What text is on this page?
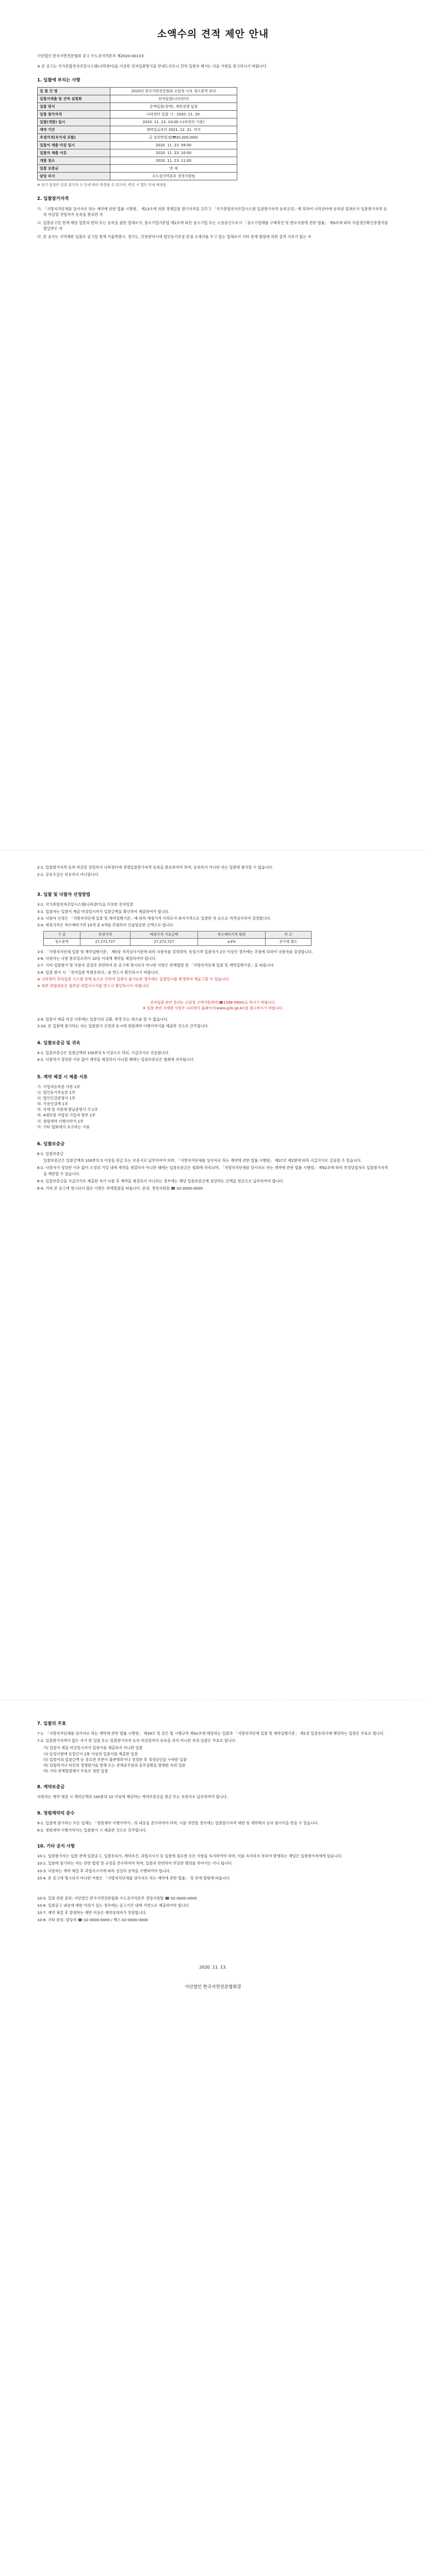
소액수의 견적 제안 안내

사단법인 한국지면전문협회 공고 수도권지역본부 제2020-0013호

※ 본 공고는 국가종합전자조달시스템(나라장터)을 이용한 전자입찰방식을 안내드리오니 견적 입찰자 께서는 다음 사항을 참고하시기 바랍니다.

1. 입찰에 부치는 사항
입 찰 건 명	2020년 한국지면전문협회 조달청 사옥 청소용역 관리
입찰서제출 및 견적 설명회	전자입찰(나라장터)
입찰 방식	총액입찰(정액), 제한경쟁 입찰
입찰 참가자격	나라장터 입찰 시 : 2020. 11. 20.
입찰(개찰) 일시	2020. 11. 23. 10:00 (나라장터 기준)
계약 기간	계약일로부터 2021. 12. 31. 까지
추정가격(부가세 포함)	금 삼천만원정(₩30,000,000)
입찰서 제출 마감 일시	2020. 11. 23. 09:00
입찰자 제출 서류	2020. 11. 23. 10:00
개찰 장소	2020. 11. 23. 11:00
입찰 보증금	면 제
담당 부서	수도권지역본부 경영지원팀

※ 상기 일정은 입찰 참가자 수 등에 따라 변경될 수 있으며, 변경 시 별도 안내 예정임

2. 입찰참가자격

가. 「지방자치단체를 당사자로 하는 계약에 관한 법률 시행령」 제13조에 의한 경쟁입찰 참가자격을 갖추고 「국가종합전자조달시스템 입찰참가자격 등록규정」에 의하여 나라장터에 등록된 업체로서 입찰참가자격 등록 마감일 전일까지 등록을 완료한 자

나. 입찰공고일 현재 해당 업종의 면허 또는 등록을 필한 업체로서, 중소기업기본법 제2조에 따른 중소기업 또는 소상공인으로서 「중소기업제품 구매촉진 및 판로지원에 관한 법률」 제9조에 따라 직접생산확인증명서를 발급받은 자

다. 본 공사는 지역제한 입찰로 공고일 현재 서울특별시, 경기도, 인천광역시에 법인등기부상 본점 소재지를 두고 있는 업체로서 기타 관계 법령에 의한 결격 사유가 없는 자

2-1. 입찰참가자격 등록 마감일 전일까지 나라장터에 경쟁입찰참가자격 등록을 완료하여야 하며, 등록하지 아니한 자는 입찰에 참가할 수 없습니다.

2-2. 공동수급은 허용하지 아니합니다.

3. 입찰 및 낙찰자 선정방법

3-1. 국가종합전자조달시스템(나라장터)을 이용한 전자입찰

3-2. 입찰자는 입찰서 제출 마감일시까지 입찰금액을 확인하여 제출하여야 합니다.

3-3. 낙찰자 선정은 「지방자치단체 입찰 및 계약집행기준」에 따라 예정가격 이하로서 최저가격으로 입찰한 자 순으로 적격심사하여 결정합니다.

3-4. 예정가격은 복수예비가격 15개 중 4개를 추첨하여 산술평균한 금액으로 합니다.

구 분	추정가격	예정가격 기초금액	복수예비가격 범위	비 고
청소용역	27,272,727	27,272,727	±3%	부가세 별도

3-5. 「지방자치단체 입찰 및 계약집행기준」 제5장 적격심사기준에 따라 낙찰자를 결정하며, 동일가격 입찰자가 2인 이상인 경우에는 추첨에 의하여 낙찰자를 결정합니다.

3-6. 낙찰자는 낙찰 통보일로부터 10일 이내에 계약을 체결하여야 합니다.

3-7. 기타 입찰참가 및 낙찰자 결정과 관련하여 본 공고에 명시되지 아니한 사항은 관계법령 및 「지방자치단체 입찰 및 계약집행기준」을 따릅니다.

3-8. 입찰 참가 시 「전자입찰 특별유의서」를 반드시 확인하시기 바랍니다.

※ 나라장터 전자입찰 시스템 장애 등으로 인하여 입찰이 불가능한 경우에는 입찰일시를 변경하여 재공고할 수 있습니다.

※ 세부 과업내용은 첨부된 과업지시서를 반드시 확인하시기 바랍니다.

전자입찰 관련 문의는 조달청 고객지원센터(☎1588-0800)로 하시기 바랍니다.

※ 입찰 관련 자세한 사항은 나라장터 홈페이지(www.g2b.go.kr)를 참고하시기 바랍니다.

3-9. 입찰서 제출 마감 이후에는 입찰서의 교환, 변경 또는 취소를 할 수 없습니다.

3-10. 본 입찰에 참가하는 자는 입찰참가 신청과 동시에 청렴계약 이행서약서를 제출한 것으로 간주합니다.

4. 입찰보증금 및 귀속

4-1. 입찰보증금은 입찰금액의 100분의 5 이상으로 하되, 지급각서로 갈음합니다.

4-2. 낙찰자가 정당한 이유 없이 계약을 체결하지 아니할 때에는 입찰보증금은 협회에 귀속됩니다.

5. 계약 체결 시 제출 서류

가. 사업자등록증 사본 1부

나. 법인등기부등본 1부

다. 법인인감증명서 1부

라. 사용인감계 1부

마. 국세 및 지방세 완납증명서 각 1부

바. 4대보험 사업장 가입자 명부 1부

사. 청렴계약 이행서약서 1부

아. 기타 협회에서 요구하는 서류

6. 입찰보증금

6-1. 입찰보증금

입찰보증금은 입찰금액의 100분의 5 이상을 현금 또는 보증서로 납부하여야 하며, 「지방자치단체를 당사자로 하는 계약에 관한 법률 시행령」 제37조 제2항에 따라 지급각서로 갈음할 수 있습니다.

6-2. 낙찰자가 정당한 이유 없이 소정의 기일 내에 계약을 체결하지 아니한 때에는 입찰보증금은 협회에 귀속되며, 「지방자치단체를 당사자로 하는 계약에 관한 법률 시행령」 제92조에 따라 부정당업자로 입찰참가자격을 제한할 수 있습니다.

6-3. 입찰보증금을 지급각서로 제출한 자가 낙찰 후 계약을 체결하지 아니하는 경우에는 해당 입찰보증금에 상당하는 금액을 현금으로 납부하여야 합니다.

6-4. 기타 본 공고에 명시되지 않은 사항은 관계법령을 따릅니다. 문의: 경영지원팀 ☎ 02-0000-0000

7. 입찰의 무효

7-1. 「지방자치단체를 당사자로 하는 계약에 관한 법률 시행령」 제39조 및 같은 법 시행규칙 제42조에 해당하는 입찰과 「지방자치단체 입찰 및 계약집행기준」 제1장 입찰유의서에 해당하는 입찰은 무효로 합니다.

7-2. 입찰참가자격이 없는 자가 한 입찰 또는 입찰참가자격 등록 마감일까지 등록을 하지 아니한 자의 입찰은 무효로 합니다.

가) 입찰서 제출 마감일시까지 입찰서를 제출하지 아니한 입찰

나) 동일사항에 동일인이 2통 이상의 입찰서를 제출한 입찰

다) 입찰서의 입찰금액 등 중요한 부분이 불분명하거나 정정한 후 정정날인을 누락한 입찰

라) 담합하거나 타인의 경쟁참가를 방해 또는 관계공무원의 공무집행을 방해한 자의 입찰

마) 기타 관계법령에서 무효로 정한 입찰

8. 계약보증금

낙찰자는 계약 체결 시 계약금액의 100분의 10 이상에 해당하는 계약보증금을 현금 또는 보증서로 납부하여야 합니다.

9. 청렴계약의 준수

9-1. 입찰에 참가하는 모든 업체는 「청렴계약 이행서약서」의 내용을 준수하여야 하며, 이를 위반할 경우에는 입찰참가자격 제한 및 계약해지 등의 불이익을 받을 수 있습니다.

9-2. 청렴계약 이행서약서는 입찰참가 시 제출한 것으로 간주합니다.

10. 기타 공지 사항

10-1. 입찰참가자는 입찰 전에 입찰공고, 입찰유의서, 계약조건, 과업지시서 등 입찰에 필요한 모든 사항을 숙지하여야 하며, 이를 숙지하지 못하여 발생하는 책임은 입찰참가자에게 있습니다.

10-2. 입찰에 참가하는 자는 관련 법령 및 규정을 준수하여야 하며, 입찰과 관련하여 부당한 행위를 하여서는 아니 됩니다.

10-3. 낙찰자는 계약 체결 후 과업지시서에 따라 성실히 용역을 수행하여야 합니다.

10-4. 본 공고에 명시되지 아니한 사항은 「지방자치단체를 당사자로 하는 계약에 관한 법률」 및 관계 법령에 따릅니다.

10-5. 입찰 관련 문의: 사단법인 한국지면전문협회 수도권지역본부 경영지원팀 ☎ 02-0000-0000

10-6. 입찰공고 내용에 대한 이의가 있는 경우에는 공고기간 내에 서면으로 제출하여야 합니다.

10-7. 계약 체결 후 발생하는 제반 비용은 계약상대자가 부담합니다.

10-8. 기타 문의: 담당자 ☎ 02-0000-0000 / 팩스 02-0000-0000

2020. 11. 13.

사단법인 한국지면전문협회장
